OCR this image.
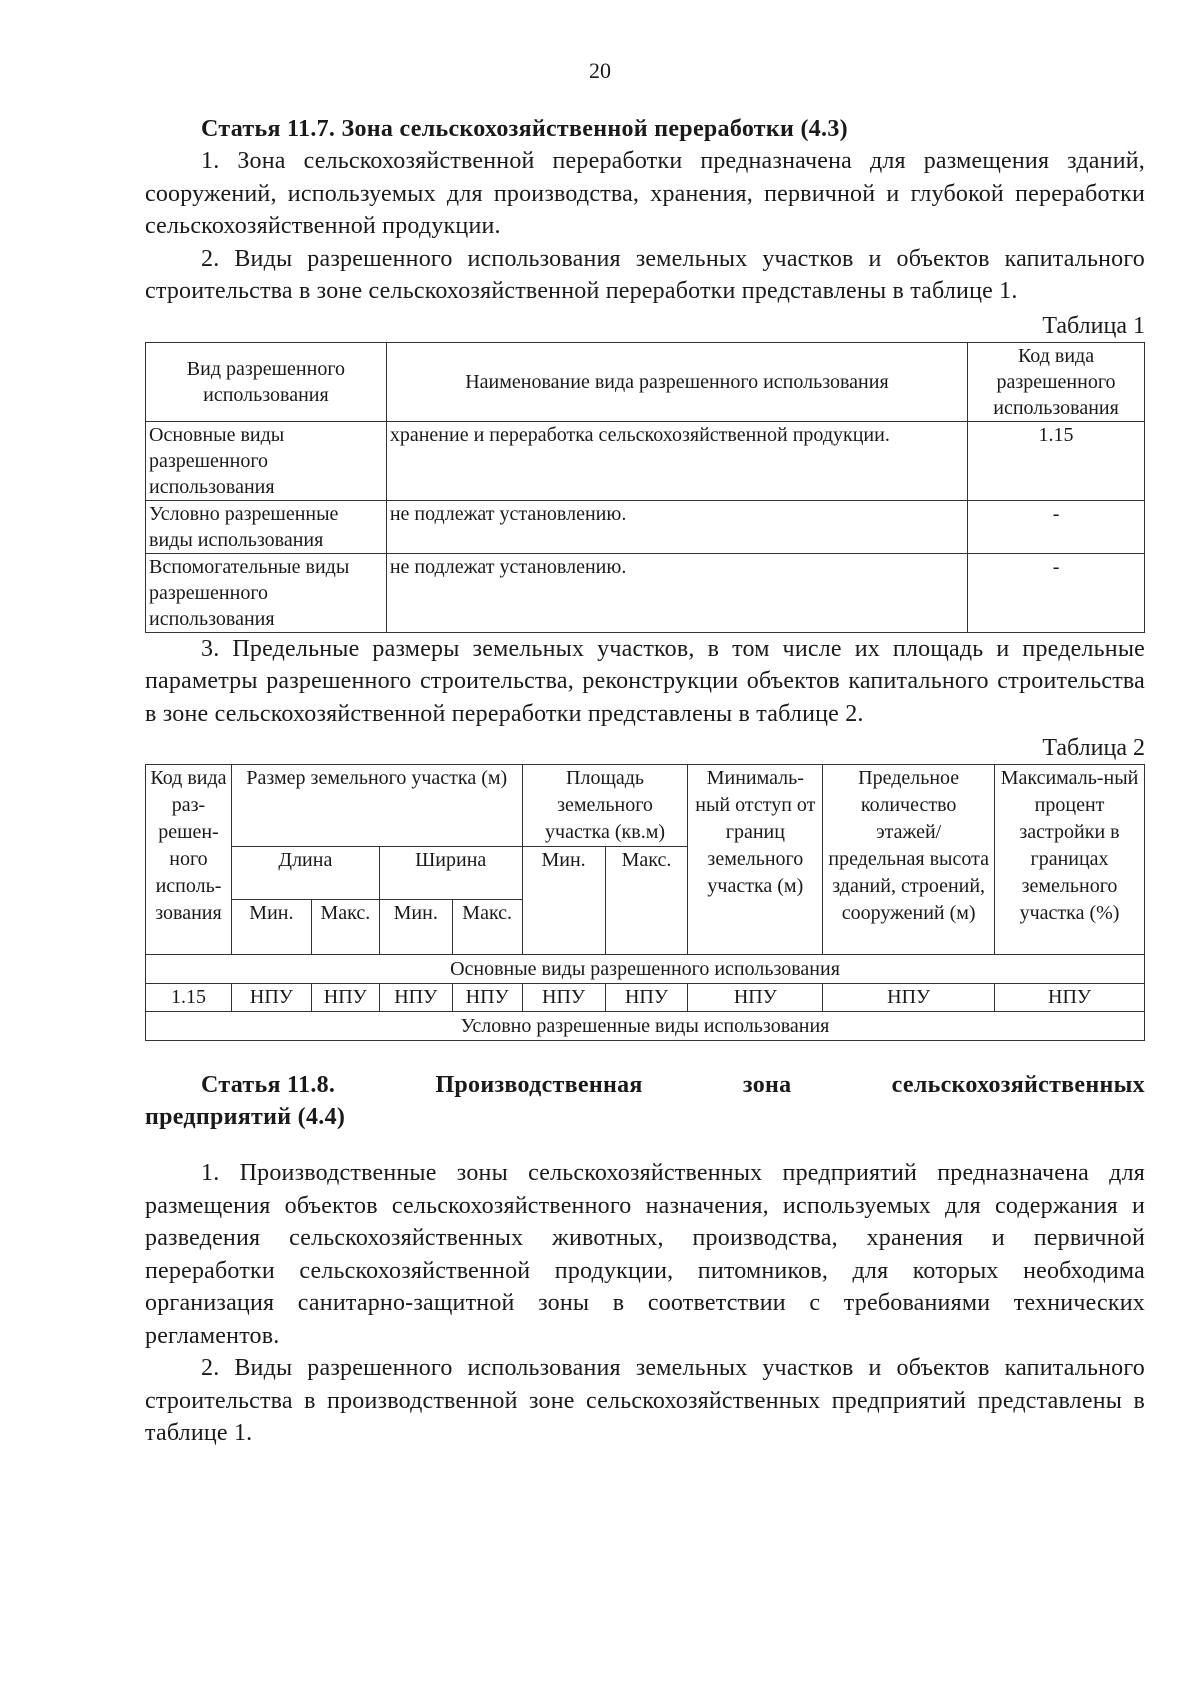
20

Статья 11.7. Зона сельскохозяйственной переработки (4.3)

1. Зона сельскохозяйственной переработки предназначена для размещения зданий, сооружений, используемых для производства, хранения, первичной и глубокой переработки сельскохозяйственной продукции.

2. Виды разрешенного использования земельных участков и объектов капитального строительства в зоне сельскохозяйственной переработки представлены в таблице 1.

Таблица 1

Вид разрешенного использования	Наименование вида разрешенного использования	Код вида разрешенного использования
Основные виды разрешенного использования	хранение и переработка сельскохозяйственной продукции.	1.15
Условно разрешенные виды использования	не подлежат установлению.	-
Вспомогательные виды разрешенного использования	не подлежат установлению.	-

3. Предельные размеры земельных участков, в том числе их площадь и предельные параметры разрешенного строительства, реконструкции объектов капитального строительства в зоне сельскохозяйственной переработки представлены в таблице 2.

Таблица 2

Код вида раз-решен-ного исполь-зования	Размер земельного участка (м)				Площадь земельного участка (кв.м)		Минималь-ный отступ от границ земельного участка (м)	Предельное количество этажей/ предельная высота зданий, строений, сооружений (м)	Максималь-ный процент застройки в границах земельного участка (%)
	Длина		Ширина		Мин.	Макс.			
	Мин.	Макс.	Мин.	Макс.					
Основные виды разрешенного использования									
1.15	НПУ	НПУ	НПУ	НПУ	НПУ	НПУ	НПУ	НПУ	НПУ
Условно разрешенные виды использования									
Статья 11.8.	Производственная	зона	сельскохозяйственных
предприятий (4.4)

1. Производственные зоны сельскохозяйственных предприятий предназначена для размещения объектов сельскохозяйственного назначения, используемых для содержания и разведения сельскохозяйственных животных, производства, хранения и первичной переработки сельскохозяйственной продукции, питомников, для которых необходима организация санитарно-защитной зоны в соответствии с требованиями технических регламентов.

2. Виды разрешенного использования земельных участков и объектов капитального строительства в производственной зоне сельскохозяйственных предприятий представлены в таблице 1.
